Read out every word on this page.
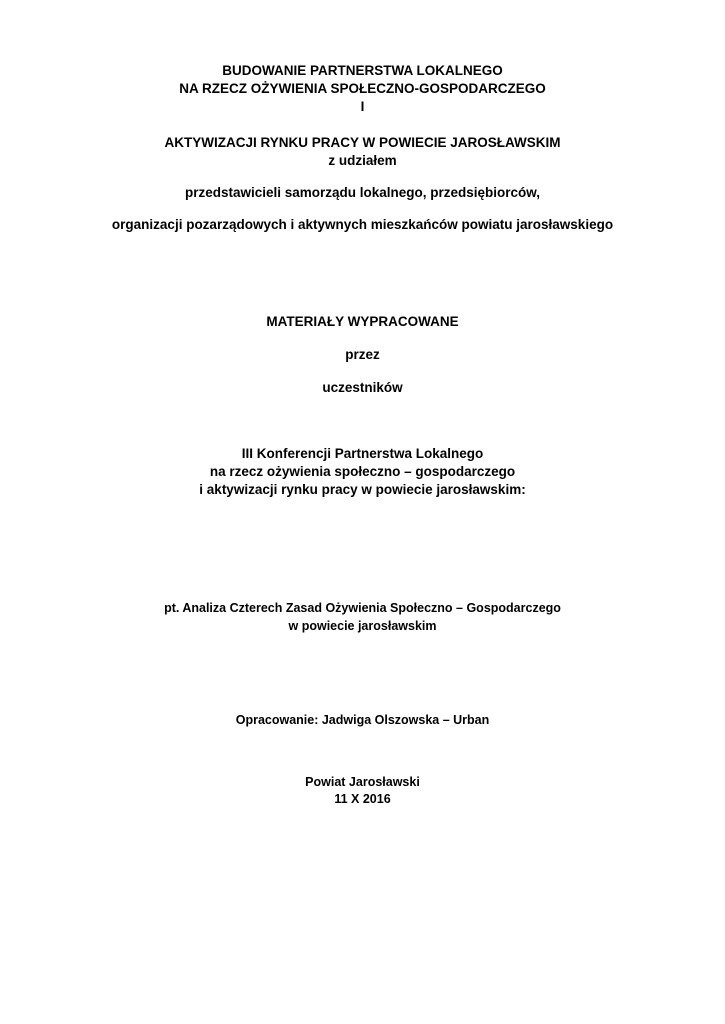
BUDOWANIE PARTNERSTWA LOKALNEGO
NA RZECZ OŻYWIENIA SPOŁECZNO-GOSPODARCZEGO
I
AKTYWIZACJI RYNKU PRACY W POWIECIE JAROSŁAWSKIM
z udziałem
przedstawicieli samorządu lokalnego, przedsiębiorców,
organizacji pozarządowych i aktywnych mieszkańców powiatu jarosławskiego
MATERIAŁY WYPRACOWANE
przez
uczestników
III Konferencji Partnerstwa Lokalnego
na rzecz ożywienia społeczno – gospodarczego
i aktywizacji rynku pracy w powiecie jarosławskim:
pt. Analiza Czterech Zasad Ożywienia Społeczno – Gospodarczego
w powiecie jarosławskim
Opracowanie: Jadwiga Olszowska – Urban
Powiat Jarosławski
11 X 2016
